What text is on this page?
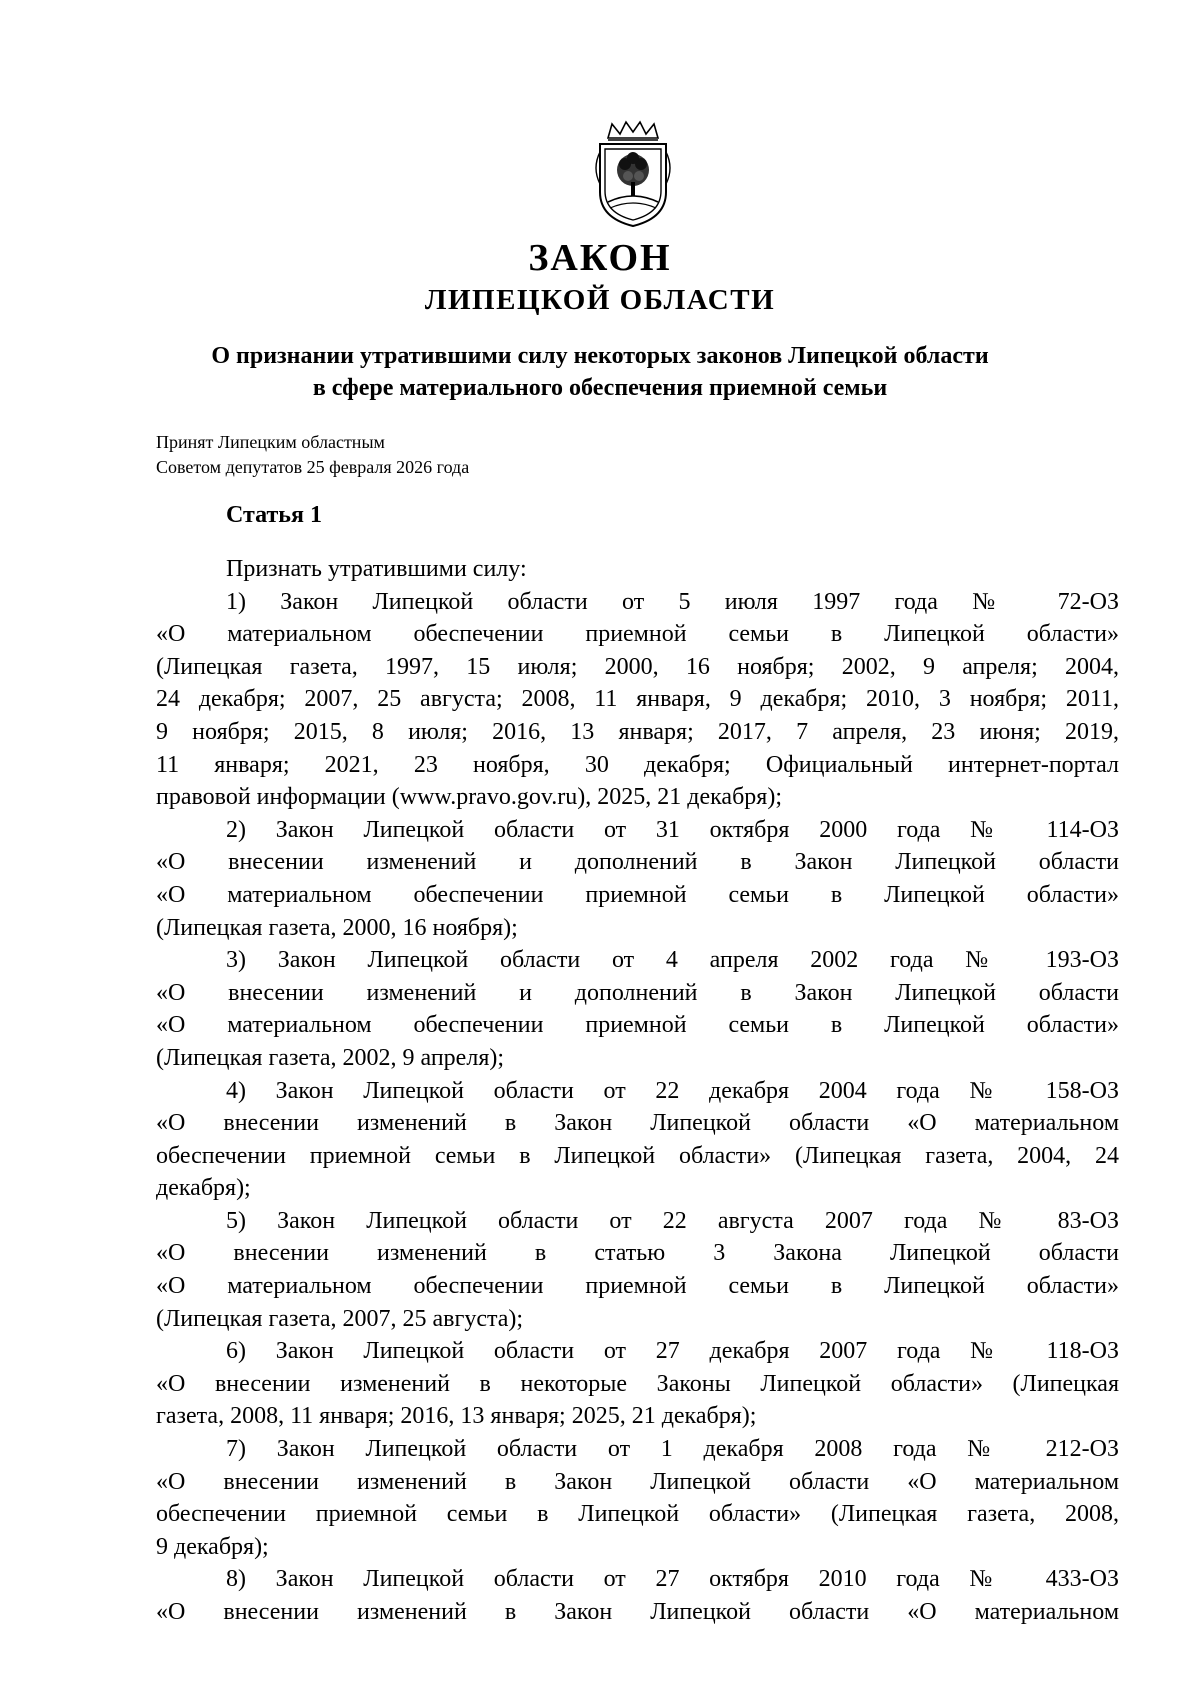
ЗАКОН
ЛИПЕЦКОЙ ОБЛАСТИ
О признании утратившими силу некоторых законов Липецкой области
в сфере материального обеспечения приемной семьи
Принят Липецким областным
Советом депутатов 25 февраля 2026 года
Статья 1
Признать утратившими силу:
1) Закон Липецкой области от 5 июля 1997 года № 72-ОЗ
«О материальном обеспечении приемной семьи в Липецкой области»
(Липецкая газета, 1997, 15 июля; 2000, 16 ноября; 2002, 9 апреля; 2004,
24 декабря; 2007, 25 августа; 2008, 11 января, 9 декабря; 2010, 3 ноября; 2011,
9 ноября; 2015, 8 июля; 2016, 13 января; 2017, 7 апреля, 23 июня; 2019,
11 января; 2021, 23 ноября, 30 декабря; Официальный интернет-портал
правовой информации (www.pravo.gov.ru), 2025, 21 декабря);
2) Закон Липецкой области от 31 октября 2000 года № 114-ОЗ
«О внесении изменений и дополнений в Закон Липецкой области
«О материальном обеспечении приемной семьи в Липецкой области»
(Липецкая газета, 2000, 16 ноября);
3) Закон Липецкой области от 4 апреля 2002 года № 193-ОЗ
«О внесении изменений и дополнений в Закон Липецкой области
«О материальном обеспечении приемной семьи в Липецкой области»
(Липецкая газета, 2002, 9 апреля);
4) Закон Липецкой области от 22 декабря 2004 года № 158-ОЗ
«О внесении изменений в Закон Липецкой области «О материальном
обеспечении приемной семьи в Липецкой области» (Липецкая газета, 2004, 24
декабря);
5) Закон Липецкой области от 22 августа 2007 года № 83-ОЗ
«О внесении изменений в статью 3 Закона Липецкой области
«О материальном обеспечении приемной семьи в Липецкой области»
(Липецкая газета, 2007, 25 августа);
6) Закон Липецкой области от 27 декабря 2007 года № 118-ОЗ
«О внесении изменений в некоторые Законы Липецкой области» (Липецкая
газета, 2008, 11 января; 2016, 13 января; 2025, 21 декабря);
7) Закон Липецкой области от 1 декабря 2008 года № 212-ОЗ
«О внесении изменений в Закон Липецкой области «О материальном
обеспечении приемной семьи в Липецкой области» (Липецкая газета, 2008,
9 декабря);
8) Закон Липецкой области от 27 октября 2010 года № 433-ОЗ
«О внесении изменений в Закон Липецкой области «О материальном
